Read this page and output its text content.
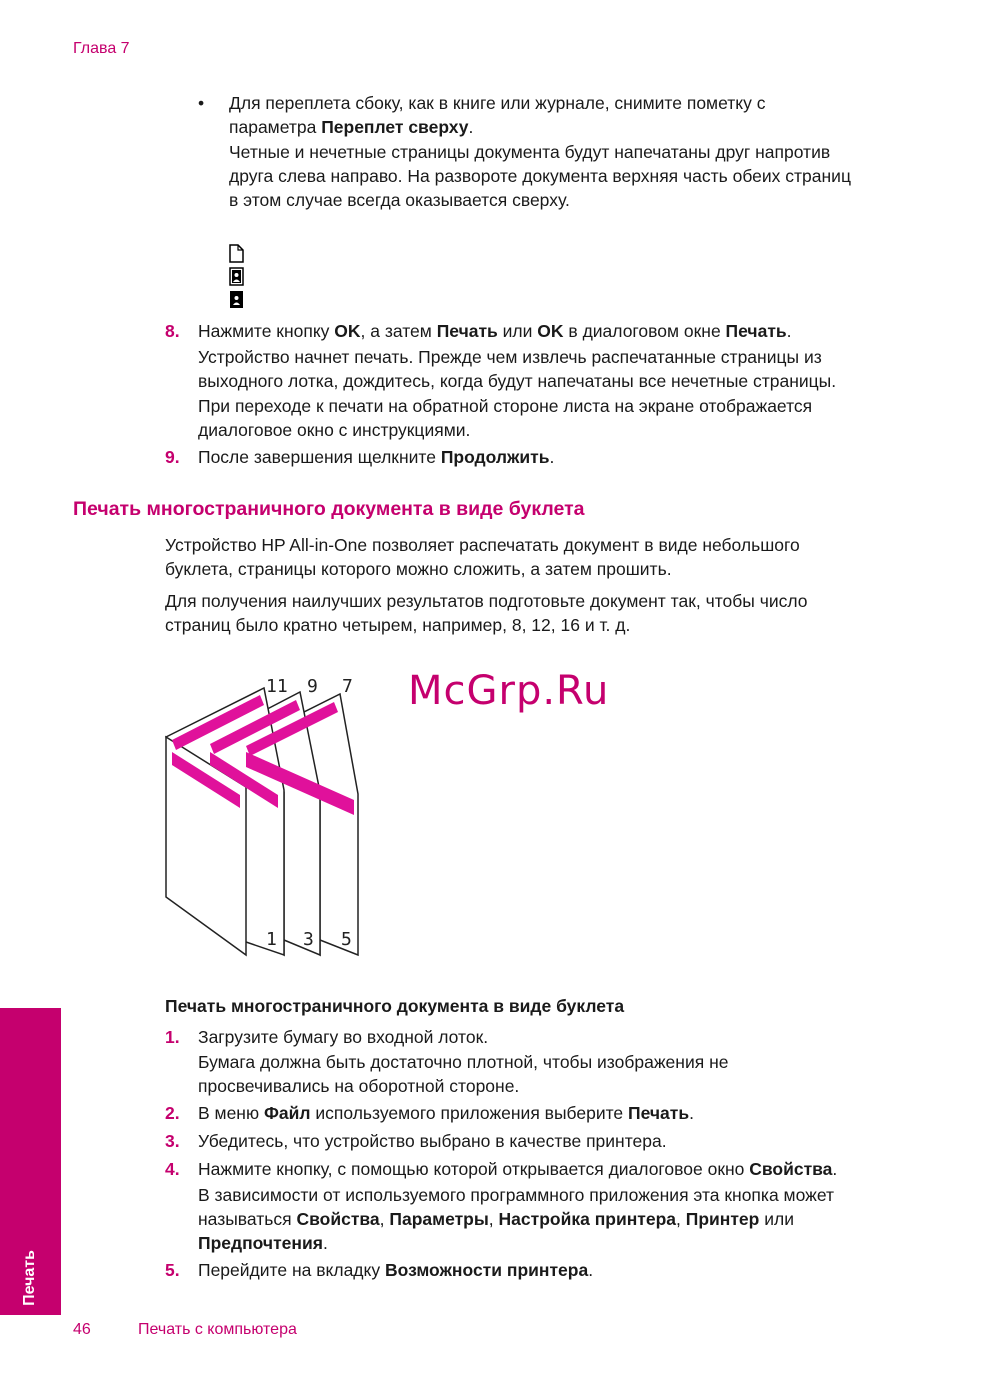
Глава 7
• Для переплета сбоку, как в книге или журнале, снимите пометку с

параметра Переплет сверху.

Четные и нечетные страницы документа будут напечатаны друг напротив

друга слева направо. На развороте документа верхняя часть обеих страниц

в этом случае всегда оказывается сверху.

8. Нажмите кнопку OK, а затем Печать или OK в диалоговом окне Печать.

Устройство начнет печать. Прежде чем извлечь распечатанные страницы из

выходного лотка, дождитесь, когда будут напечатаны все нечетные страницы.

При переходе к печати на обратной стороне листа на экране отображается

диалоговое окно с инструкциями.

9. После завершения щелкните Продолжить.

Печать многостраничного документа в виде буклета

Устройство HP All-in-One позволяет распечатать документ в виде небольшого

буклета, страницы которого можно сложить, а затем прошить.

Для получения наилучших результатов подготовьте документ так, чтобы число

страниц было кратно четырем, например, 8, 12, 16 и т. д.

11 9 7
1 3 5
McGrp.Ru
Печать многостраничного документа в виде буклета
1. Загрузите бумагу во входной лоток.

Бумага должна быть достаточно плотной, чтобы изображения не

просвечивались на оборотной стороне.

2. В меню Файл используемого приложения выберите Печать.

3. Убедитесь, что устройство выбрано в качестве принтера.

4. Нажмите кнопку, с помощью которой открывается диалоговое окно Свойства.

В зависимости от используемого программного приложения эта кнопка может

называться Свойства, Параметры, Настройка принтера, Принтер или

Предпочтения.

5. Перейдите на вкладку Возможности принтера.

Печать
46	Печать с компьютера
